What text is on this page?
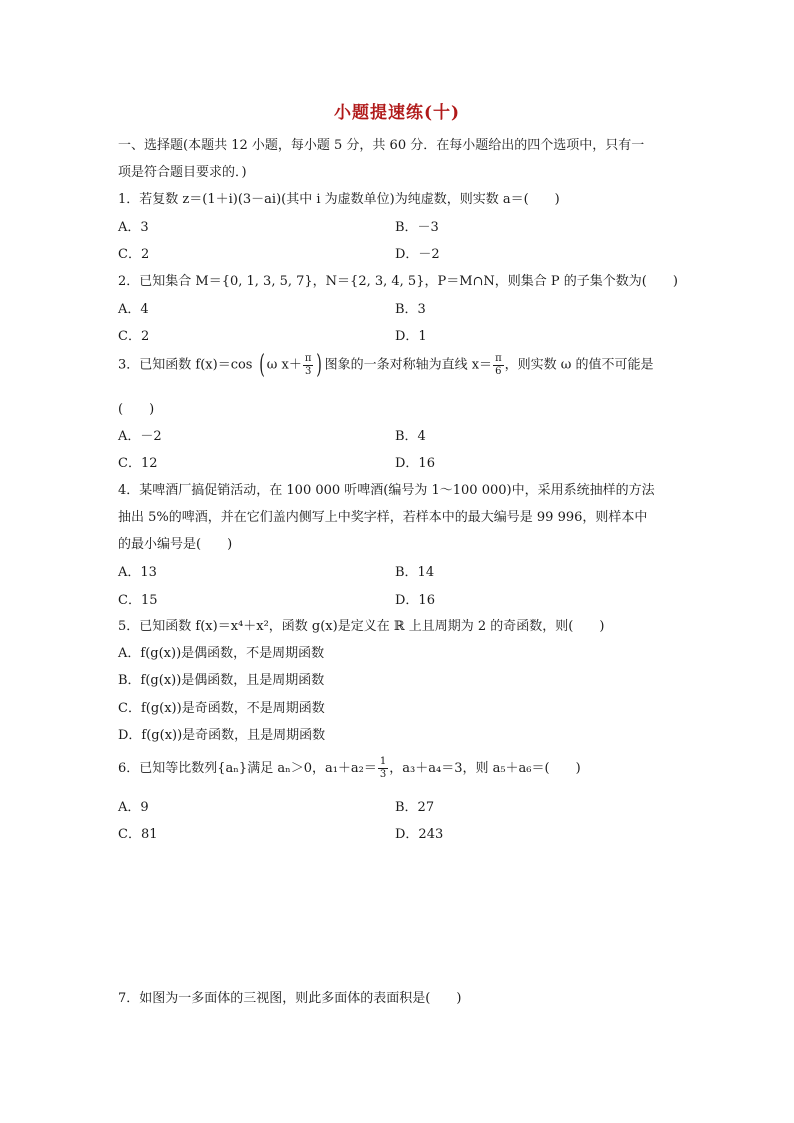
小题提速练(十)
一、选择题(本题共 12 小题，每小题 5 分，共 60 分．在每小题给出的四个选项中，只有一
项是符合题目要求的．)
1．若复数 z＝(1＋i)(3－ai)(其中 i 为虚数单位)为纯虚数，则实数 a＝(　　)
A．3	B．－3
C．2	D．－2
2．已知集合 M＝{0, 1, 3, 5, 7}，N＝{2, 3, 4, 5}，P＝M∩N，则集合 P 的子集个数为(　　)
A．4	B．3
C．2	D．1
3．已知函数 f(x)＝cos ( ω $x+ \frac{\pi}{3}$ ) 图象的一条对称轴为直线 $x= \frac{\pi}{6}$ ，则实数 ω 的值不可能是
(　　)
A．－2	B．4
C．12	D．16
4．某啤酒厂搞促销活动，在 100 000 听啤酒(编号为 1～100 000)中，采用系统抽样的方法
抽出 5%的啤酒，并在它们盖内侧写上中奖字样，若样本中的最大编号是 99 996，则样本中
的最小编号是(　　)
A．13	B．14
C．15	D．16
5．已知函数 f(x)＝x⁴＋x²，函数 g(x)是定义在 ℝ 上且周期为 2 的奇函数，则(　　)
A．f(g(x))是偶函数，不是周期函数
B．f(g(x))是偶函数，且是周期函数
C．f(g(x))是奇函数，不是周期函数
D．f(g(x))是奇函数，且是周期函数
6．已知等比数列{aₙ}满足 aₙ＞0，$a_1+a_2= \frac{1}{3}$ ，a₃＋a₄＝3，则 a₅＋a₆＝(　　)
A．9	B．27
C．81	D．243
7．如图为一多面体的三视图，则此多面体的表面积是(　　)
